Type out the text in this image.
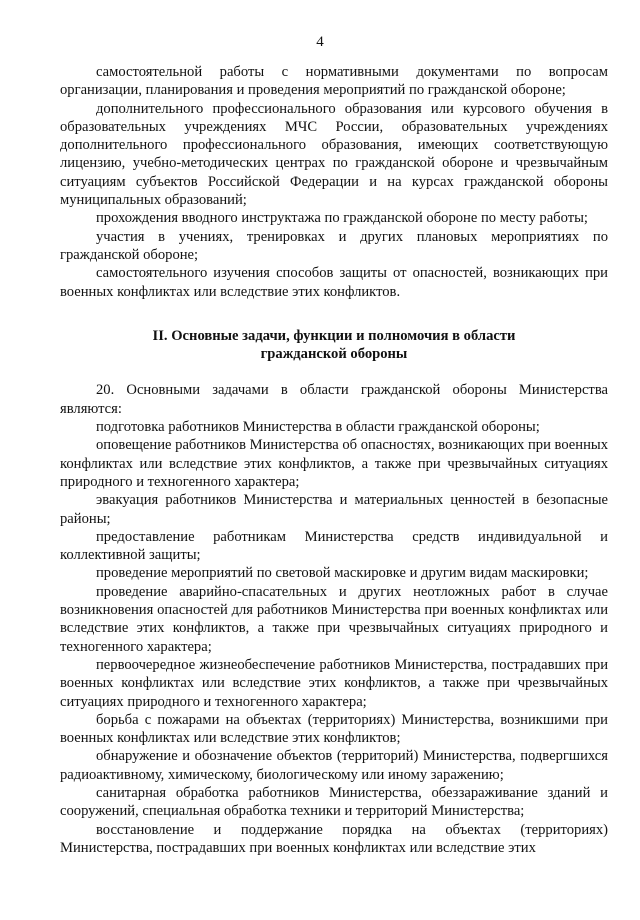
4

самостоятельной работы с нормативными документами по вопросам организации, планирования и проведения мероприятий по гражданской обороне;

дополнительного профессионального образования или курсового обучения в образовательных учреждениях МЧС России, образовательных учреждениях дополнительного профессионального образования, имеющих соответствующую лицензию, учебно-методических центрах по гражданской обороне и чрезвычайным ситуациям субъектов Российской Федерации и на курсах гражданской обороны муниципальных образований;

прохождения вводного инструктажа по гражданской обороне по месту работы;

участия в учениях, тренировках и других плановых мероприятиях по гражданской обороне;

самостоятельного изучения способов защиты от опасностей, возникающих при военных конфликтах или вследствие этих конфликтов.

II. Основные задачи, функции и полномочия в области
гражданской обороны

20. Основными задачами в области гражданской обороны Министерства являются:

подготовка работников Министерства в области гражданской обороны;

оповещение работников Министерства об опасностях, возникающих при военных конфликтах или вследствие этих конфликтов, а также при чрезвычайных ситуациях природного и техногенного характера;

эвакуация работников Министерства и материальных ценностей в безопасные районы;

предоставление работникам Министерства средств индивидуальной и коллективной защиты;

проведение мероприятий по световой маскировке и другим видам маскировки;

проведение аварийно-спасательных и других неотложных работ в случае возникновения опасностей для работников Министерства при военных конфликтах или вследствие этих конфликтов, а также при чрезвычайных ситуациях природного и техногенного характера;

первоочередное жизнеобеспечение работников Министерства, пострадавших при военных конфликтах или вследствие этих конфликтов, а также при чрезвычайных ситуациях природного и техногенного характера;

борьба с пожарами на объектах (территориях) Министерства, возникшими при военных конфликтах или вследствие этих конфликтов;

обнаружение и обозначение объектов (территорий) Министерства, подвергшихся радиоактивному, химическому, биологическому или иному заражению;

санитарная обработка работников Министерства, обеззараживание зданий и сооружений, специальная обработка техники и территорий Министерства;

восстановление и поддержание порядка на объектах (территориях) Министерства, пострадавших при военных конфликтах или вследствие этих
